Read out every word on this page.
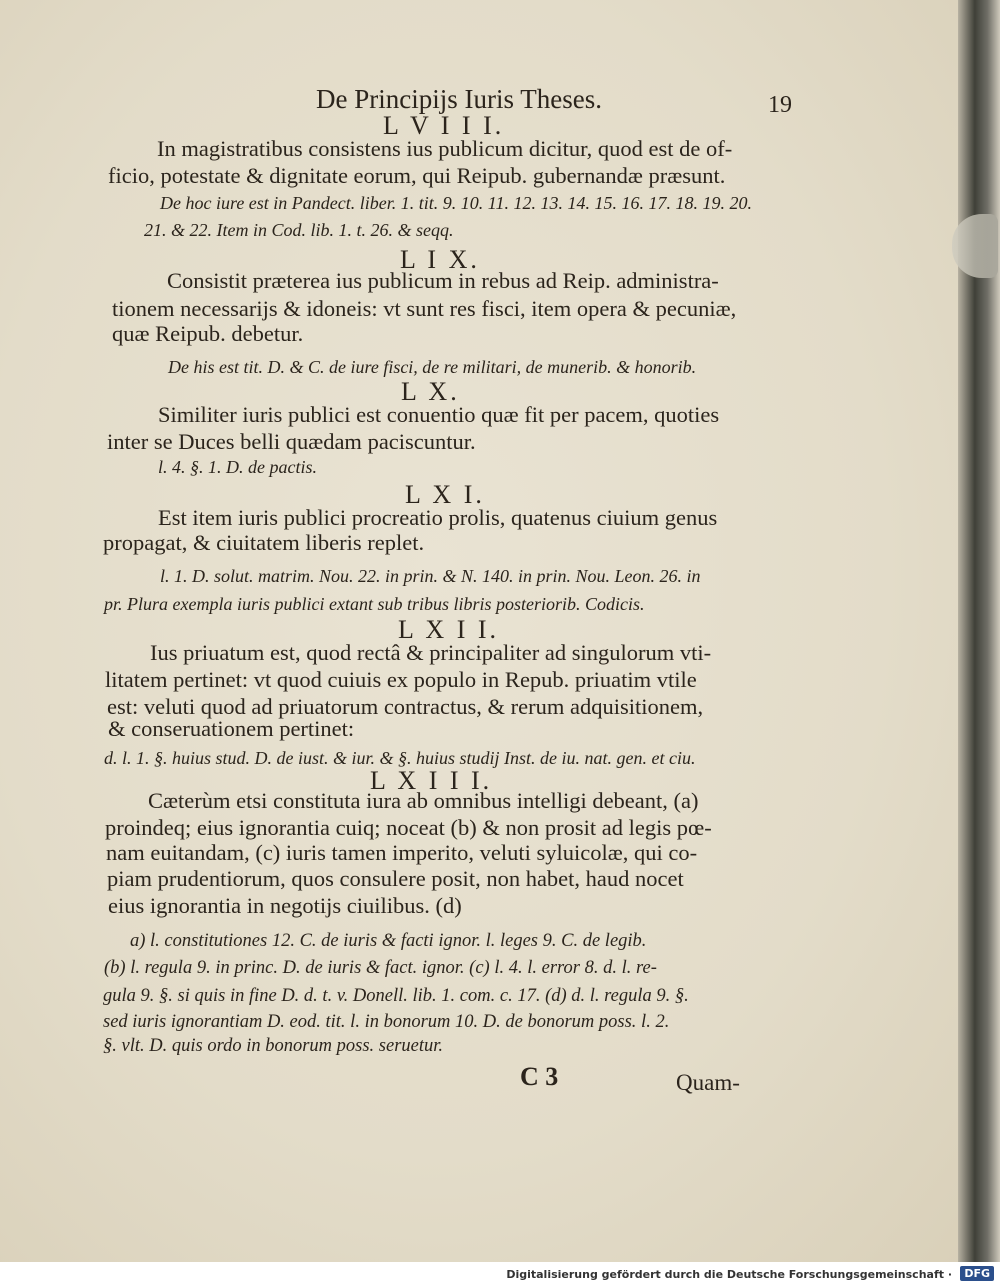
De Principijs Iuris Theses.	19
L V I I I.
In magistratibus consistens ius publicum dicitur, quod est de of-
ficio, potestate & dignitate eorum, qui Reipub. gubernandæ præsunt.
De hoc iure est in Pandect. liber. 1. tit. 9. 10. 11. 12. 13. 14. 15. 16. 17. 18. 19. 20.
21. & 22. Item in Cod. lib. 1. t. 26. & seqq.
L I X.
Consistit præterea ius publicum in rebus ad Reip. administra-
tionem necessarijs & idoneis: vt sunt res fisci, item opera & pecuniæ,
quæ Reipub. debetur.
De his est tit. D. & C. de iure fisci, de re militari, de munerib. & honorib.
L X.
Similiter iuris publici est conuentio quæ fit per pacem, quoties
inter se Duces belli quædam paciscuntur.
l. 4. §. 1. D. de pactis.
L X I.
Est item iuris publici procreatio prolis, quatenus ciuium genus
propagat, & ciuitatem liberis replet.
l. 1. D. solut. matrim. Nou. 22. in prin. & N. 140. in prin. Nou. Leon. 26. in
pr. Plura exempla iuris publici extant sub tribus libris posteriorib. Codicis.
L X I I.
Ius priuatum est, quod rectâ & principaliter ad singulorum vti-
litatem pertinet: vt quod cuiuis ex populo in Repub. priuatim vtile
est: veluti quod ad priuatorum contractus, & rerum adquisitionem,
& conseruationem pertinet:
d. l. 1. §. huius stud. D. de iust. & iur. & §. huius studij Inst. de iu. nat. gen. et ciu.
L X I I I.
Cæterùm etsi constituta iura ab omnibus intelligi debeant, (a)
proindeq; eius ignorantia cuiq; noceat (b) & non prosit ad legis pœ-
nam euitandam, (c) iuris tamen imperito, veluti syluicolæ, qui co-
piam prudentiorum, quos consulere posit, non habet, haud nocet
eius ignorantia in negotijs ciuilibus. (d)
a) l. constitutiones 12. C. de iuris & facti ignor. l. leges 9. C. de legib.
(b) l. regula 9. in princ. D. de iuris & fact. ignor. (c) l. 4. l. error 8. d. l. re-
gula 9. §. si quis in fine D. d. t. v. Donell. lib. 1. com. c. 17. (d) d. l. regula 9. §.
sed iuris ignorantiam D. eod. tit. l. in bonorum 10. D. de bonorum poss. l. 2.
§. vlt. D. quis ordo in bonorum poss. seruetur.
C 3	Quam-
Digitalisierung gefördert durch die Deutsche Forschungsgemeinschaft ·	DFG
